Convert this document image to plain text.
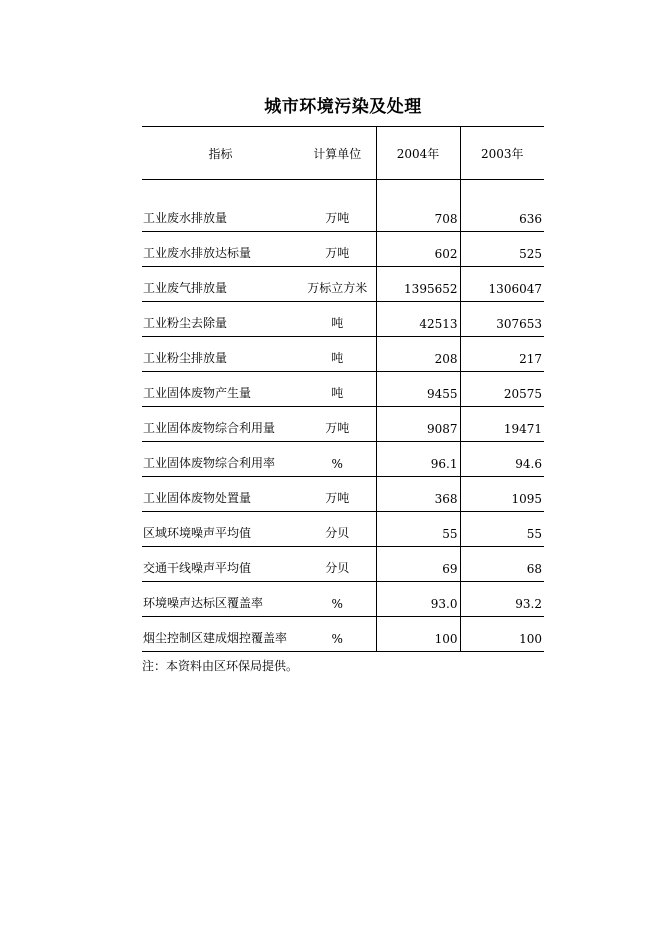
城市环境污染及处理
指标	计算单位	2004年	2003年
工业废水排放量	万吨	708	636
工业废水排放达标量	万吨	602	525
工业废气排放量	万标立方米	1395652	1306047
工业粉尘去除量	吨	42513	307653
工业粉尘排放量	吨	208	217
工业固体废物产生量	吨	9455	20575
工业固体废物综合利用量	万吨	9087	19471
工业固体废物综合利用率	%	96.1	94.6
工业固体废物处置量	万吨	368	1095
区域环境噪声平均值	分贝	55	55
交通干线噪声平均值	分贝	69	68
环境噪声达标区覆盖率	%	93.0	93.2
烟尘控制区建成烟控覆盖率	%	100	100
注：本资料由区环保局提供。
